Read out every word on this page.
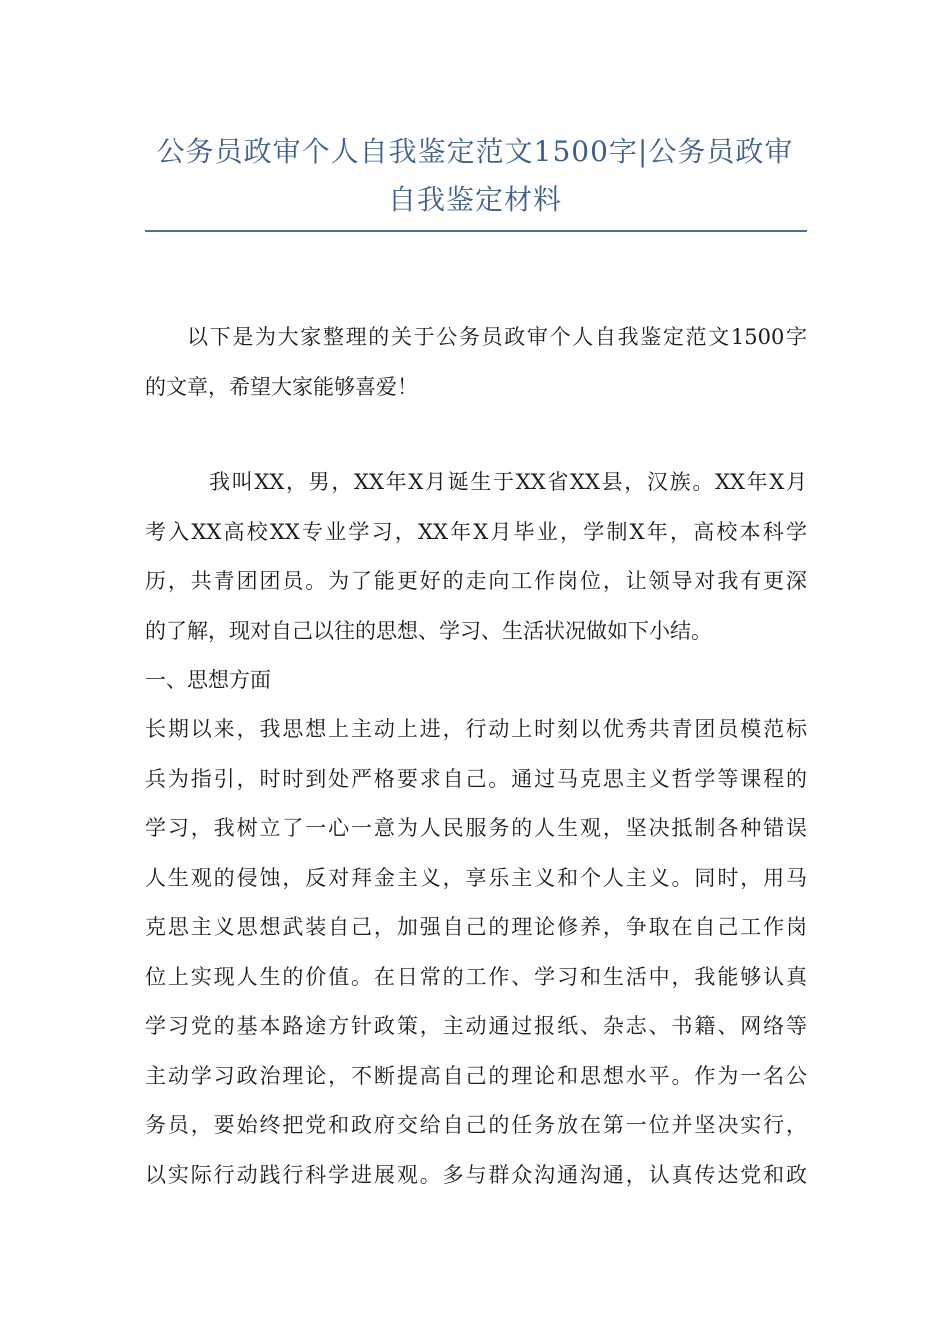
公务员政审个人自我鉴定范文1500字|公务员政审
自我鉴定材料
以下是为大家整理的关于公务员政审个人自我鉴定范文1500字
的文章，希望大家能够喜爱！
我叫XX，男，XX年X月诞生于XX省XX县，汉族。XX年X月
考入XX高校XX专业学习，XX年X月毕业，学制X年，高校本科学
历，共青团团员。为了能更好的走向工作岗位，让领导对我有更深
的了解，现对自己以往的思想、学习、生活状况做如下小结。
一、思想方面
长期以来，我思想上主动上进，行动上时刻以优秀共青团员模范标
兵为指引，时时到处严格要求自己。通过马克思主义哲学等课程的
学习，我树立了一心一意为人民服务的人生观，坚决抵制各种错误
人生观的侵蚀，反对拜金主义，享乐主义和个人主义。同时，用马
克思主义思想武装自己，加强自己的理论修养，争取在自己工作岗
位上实现人生的价值。在日常的工作、学习和生活中，我能够认真
学习党的基本路途方针政策，主动通过报纸、杂志、书籍、网络等
主动学习政治理论，不断提高自己的理论和思想水平。作为一名公
务员，要始终把党和政府交给自己的任务放在第一位并坚决实行，
以实际行动践行科学进展观。多与群众沟通沟通，认真传达党和政
